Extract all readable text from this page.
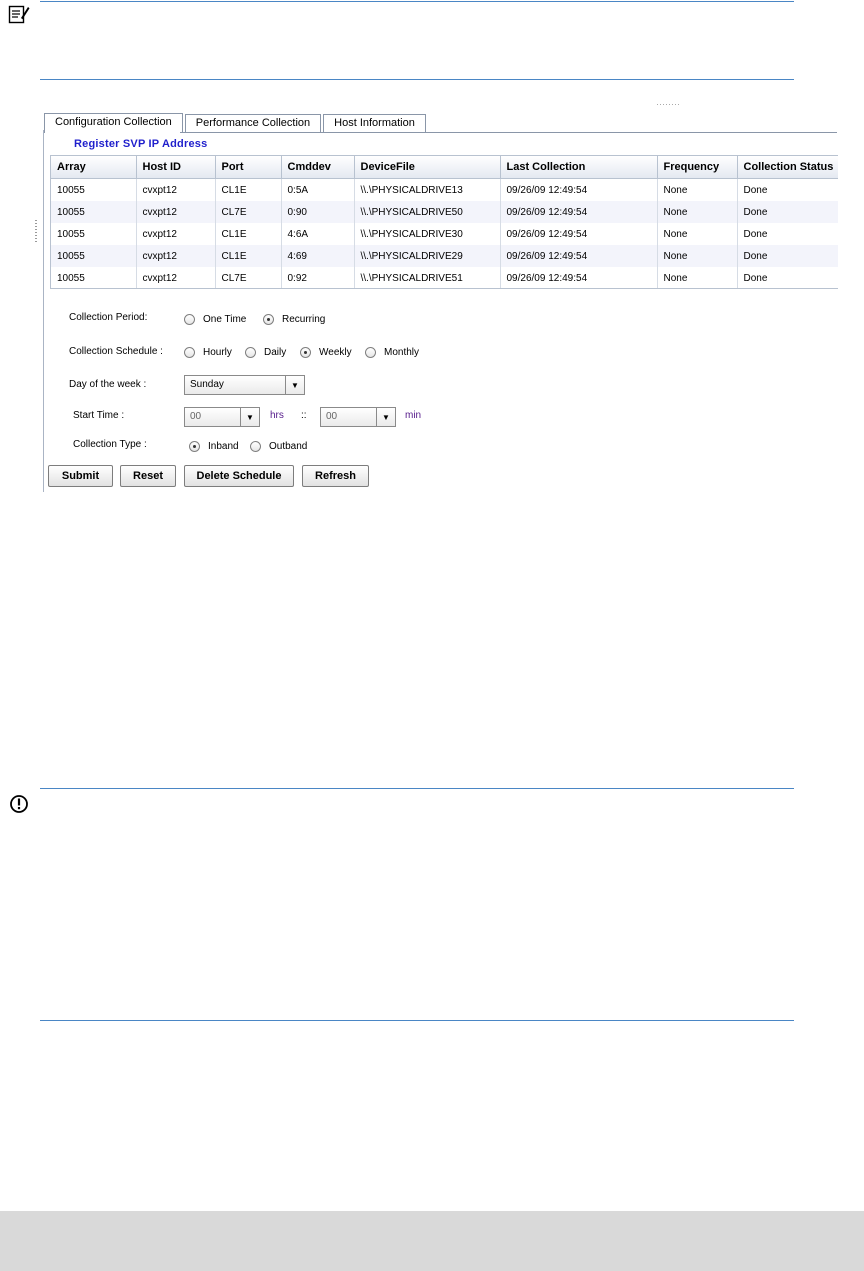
Configuration Collection	Performance Collection	Host Information
Register SVP IP Address
Array	Host ID	Port	Cmddev	DeviceFile	Last Collection	Frequency	Collection Status
10055	cvxpt12	CL1E	0:5A	\\.\PHYSICALDRIVE13	09/26/09 12:49:54	None	Done
10055	cvxpt12	CL7E	0:90	\\.\PHYSICALDRIVE50	09/26/09 12:49:54	None	Done
10055	cvxpt12	CL1E	4:6A	\\.\PHYSICALDRIVE30	09/26/09 12:49:54	None	Done
10055	cvxpt12	CL1E	4:69	\\.\PHYSICALDRIVE29	09/26/09 12:49:54	None	Done
10055	cvxpt12	CL7E	0:92	\\.\PHYSICALDRIVE51	09/26/09 12:49:54	None	Done
Collection Period:	One Time	Recurring
Collection Schedule :	Hourly	Daily	Weekly	Monthly
Day of the week :	Sunday	▼
Start Time :	00	▼	hrs :: 00	▼	min
Collection Type :	Inband	Outband
Submit	Reset	Delete Schedule	Refresh
